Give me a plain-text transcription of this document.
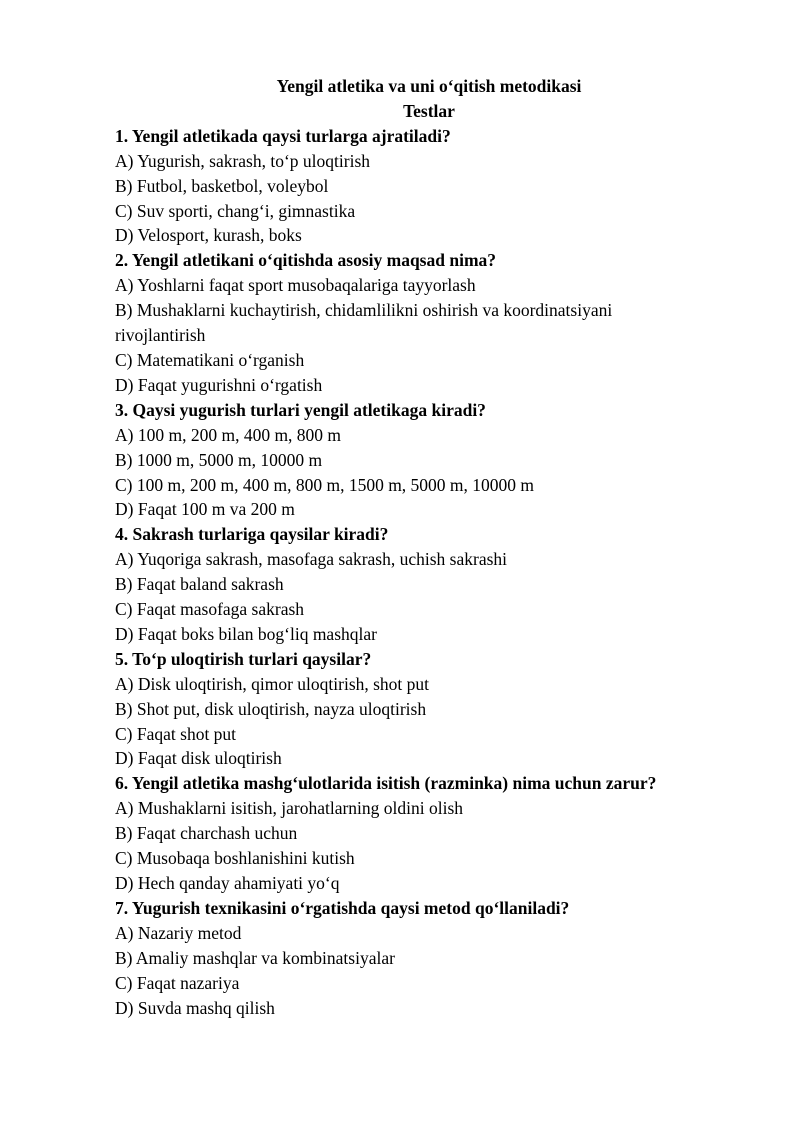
Yengil atletika va uni o‘qitish metodikasi
Testlar
1. Yengil atletikada qaysi turlarga ajratiladi?
A) Yugurish, sakrash, to‘p uloqtirish
B) Futbol, basketbol, voleybol
C) Suv sporti, chang‘i, gimnastika
D) Velosport, kurash, boks
2. Yengil atletikani o‘qitishda asosiy maqsad nima?
A) Yoshlarni faqat sport musobaqalariga tayyorlash
B) Mushaklarni kuchaytirish, chidamlilikni oshirish va koordinatsiyani rivojlantirish
C) Matematikani o‘rganish
D) Faqat yugurishni o‘rgatish
3. Qaysi yugurish turlari yengil atletikaga kiradi?
A) 100 m, 200 m, 400 m, 800 m
B) 1000 m, 5000 m, 10000 m
C) 100 m, 200 m, 400 m, 800 m, 1500 m, 5000 m, 10000 m
D) Faqat 100 m va 200 m
4. Sakrash turlariga qaysilar kiradi?
A) Yuqoriga sakrash, masofaga sakrash, uchish sakrashi
B) Faqat baland sakrash
C) Faqat masofaga sakrash
D) Faqat boks bilan bog‘liq mashqlar
5. To‘p uloqtirish turlari qaysilar?
A) Disk uloqtirish, qimor uloqtirish, shot put
B) Shot put, disk uloqtirish, nayza uloqtirish
C) Faqat shot put
D) Faqat disk uloqtirish
6. Yengil atletika mashg‘ulotlarida isitish (razminka) nima uchun zarur?
A) Mushaklarni isitish, jarohatlarning oldini olish
B) Faqat charchash uchun
C) Musobaqa boshlanishini kutish
D) Hech qanday ahamiyati yo‘q
7. Yugurish texnikasini o‘rgatishda qaysi metod qo‘llaniladi?
A) Nazariy metod
B) Amaliy mashqlar va kombinatsiyalar
C) Faqat nazariya
D) Suvda mashq qilish
